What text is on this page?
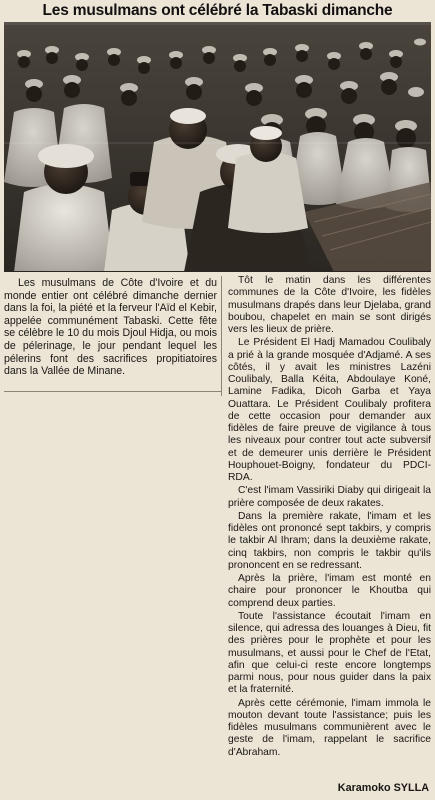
Les musulmans ont célébré la Tabaski dimanche

Les musulmans de Côte d'Ivoire et du monde entier ont célébré dimanche dernier dans la foi, la piété et la ferveur l'Aïd el Kebir, appelée communément Tabaski. Cette fête se célèbre le 10 du mois Djoul Hidja, ou mois de pélerinage, le jour pendant lequel les pélerins font des sacrifices propitiatoires dans la Vallée de Minane.

Tôt le matin dans les différentes communes de la Côte d'Ivoire, les fidèles musulmans drapés dans leur Djelaba, grand boubou, chapelet en main se sont dirigés vers les lieux de prière.

Le Président El Hadj Mamadou Coulibaly a prié à la grande mosquée d'Adjamé. A ses côtés, il y avait les ministres Lazéni Coulibaly, Balla Kéita, Abdoulaye Koné, Lamine Fadika, Dicoh Garba et Yaya Ouattara. Le Président Coulibaly profitera de cette occasion pour demander aux fidèles de faire preuve de vigilance à tous les niveaux pour contrer tout acte subversif et de demeurer unis derrière le Président Houphouet-Boigny, fondateur du PDCI-RDA.

C'est l'imam Vassiriki Diaby qui dirigeait la prière composée de deux rakates.

Dans la première rakate, l'imam et les fidèles ont prononcé sept takbirs, y compris le takbir Al Ihram; dans la deuxième rakate, cinq takbirs, non compris le takbir qu'ils prononcent en se redressant.

Après la prière, l'imam est monté en chaire pour prononcer le Khoutba qui comprend deux parties.

Toute l'assistance écoutait l'imam en silence, qui adressa des louanges à Dieu, fit des prières pour le prophète et pour les musulmans, et aussi pour le Chef de l'Etat, afin que celui-ci reste encore longtemps parmi nous, pour nous guider dans la paix et la fraternité.

Après cette cérémonie, l'imam immola le mouton devant toute l'assistance; puis les fidèles musulmans communièrent avec le geste de l'imam, rappelant le sacrifice d'Abraham.

Karamoko SYLLA
